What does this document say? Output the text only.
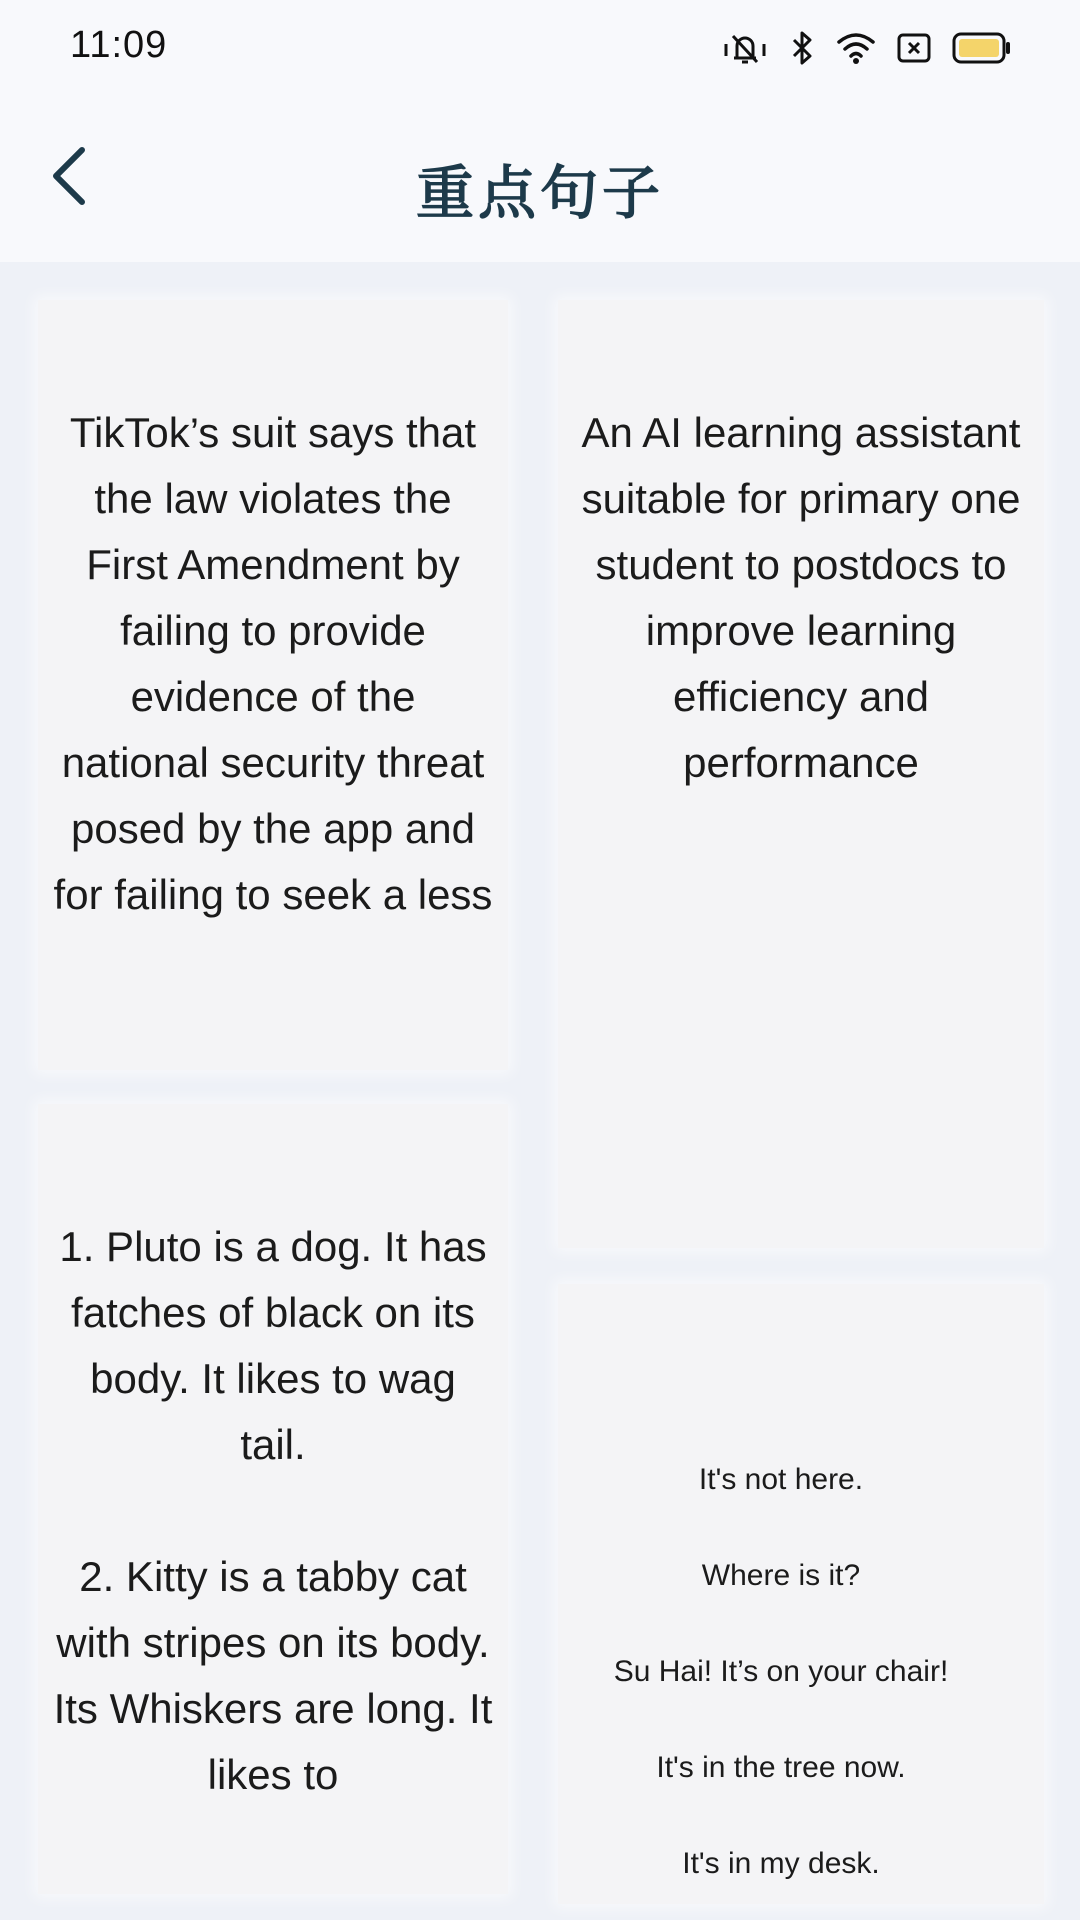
11:09
重点句子
TikTok’s suit says that the law violates the First Amendment by failing to provide evidence of the national security threat posed by the app and for failing to seek a less
An AI learning assistant suitable for primary one student to postdocs to improve learning efficiency and performance
1. Pluto is a dog. It has fatches of black on its body. It likes to wag tail.
2. Kitty is a tabby cat with stripes on its body. Its Whiskers are long. It likes to
It's not here.
Where is it?
Su Hai! It’s on your chair!
It's in the tree now.
It's in my desk.
